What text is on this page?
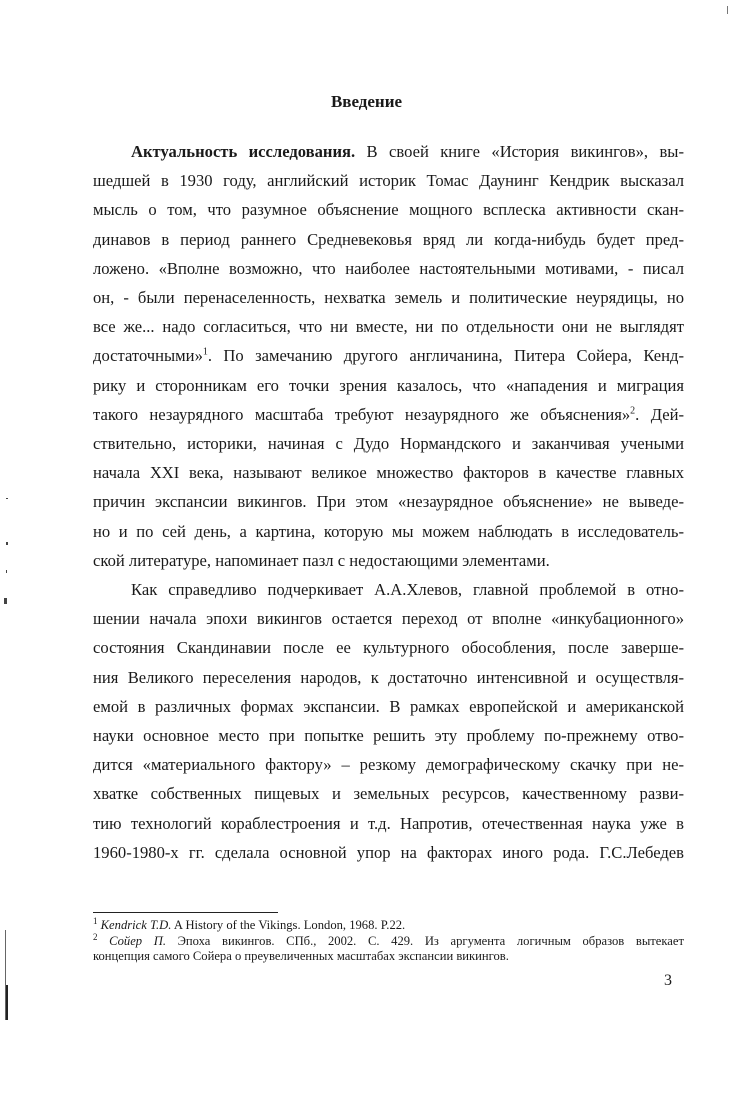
Введение
Актуальность исследования. В своей книге «История викингов», вы-
шедшей в 1930 году, английский историк Томас Даунинг Кендрик высказал
мысль о том, что разумное объяснение мощного всплеска активности скан-
динавов в период раннего Средневековья вряд ли когда-нибудь будет пред-
ложено. «Вполне возможно, что наиболее настоятельными мотивами, - писал
он, - были перенаселенность, нехватка земель и политические неурядицы, но
все же... надо согласиться, что ни вместе, ни по отдельности они не выглядят
достаточными»$^1$. По замечанию другого англичанина, Питера Сойера, Кенд-
рику и сторонникам его точки зрения казалось, что «нападения и миграция
такого незаурядного масштаба требуют незаурядного же объяснения»$^2$. Дей-
ствительно, историки, начиная с Дудо Нормандского и заканчивая учеными
начала XXI века, называют великое множество факторов в качестве главных
причин экспансии викингов. При этом «незаурядное объяснение» не выведе-
но и по сей день, а картина, которую мы можем наблюдать в исследователь-
ской литературе, напоминает пазл с недостающими элементами.
Как справедливо подчеркивает А.А.Хлевов, главной проблемой в отно-
шении начала эпохи викингов остается переход от вполне «инкубационного»
состояния Скандинавии после ее культурного обособления, после заверше-
ния Великого переселения народов, к достаточно интенсивной и осуществля-
емой в различных формах экспансии. В рамках европейской и американской
науки основное место при попытке решить эту проблему по-прежнему отво-
дится «материального фактору» – резкому демографическому скачку при не-
хватке собственных пищевых и земельных ресурсов, качественному разви-
тию технологий кораблестроения и т.д. Напротив, отечественная наука уже в
1960-1980-х гг. сделала основной упор на факторах иного рода. Г.С.Лебедев
$^1$ Kendrick T.D. A History of the Vikings. London, 1968. P.22.
$^2$ Сойер П. Эпоха викингов. СПб., 2002. С. 429. Из аргумента логичным образов вытекает
концепция самого Сойера о преувеличенных масштабах экспансии викингов.
3
